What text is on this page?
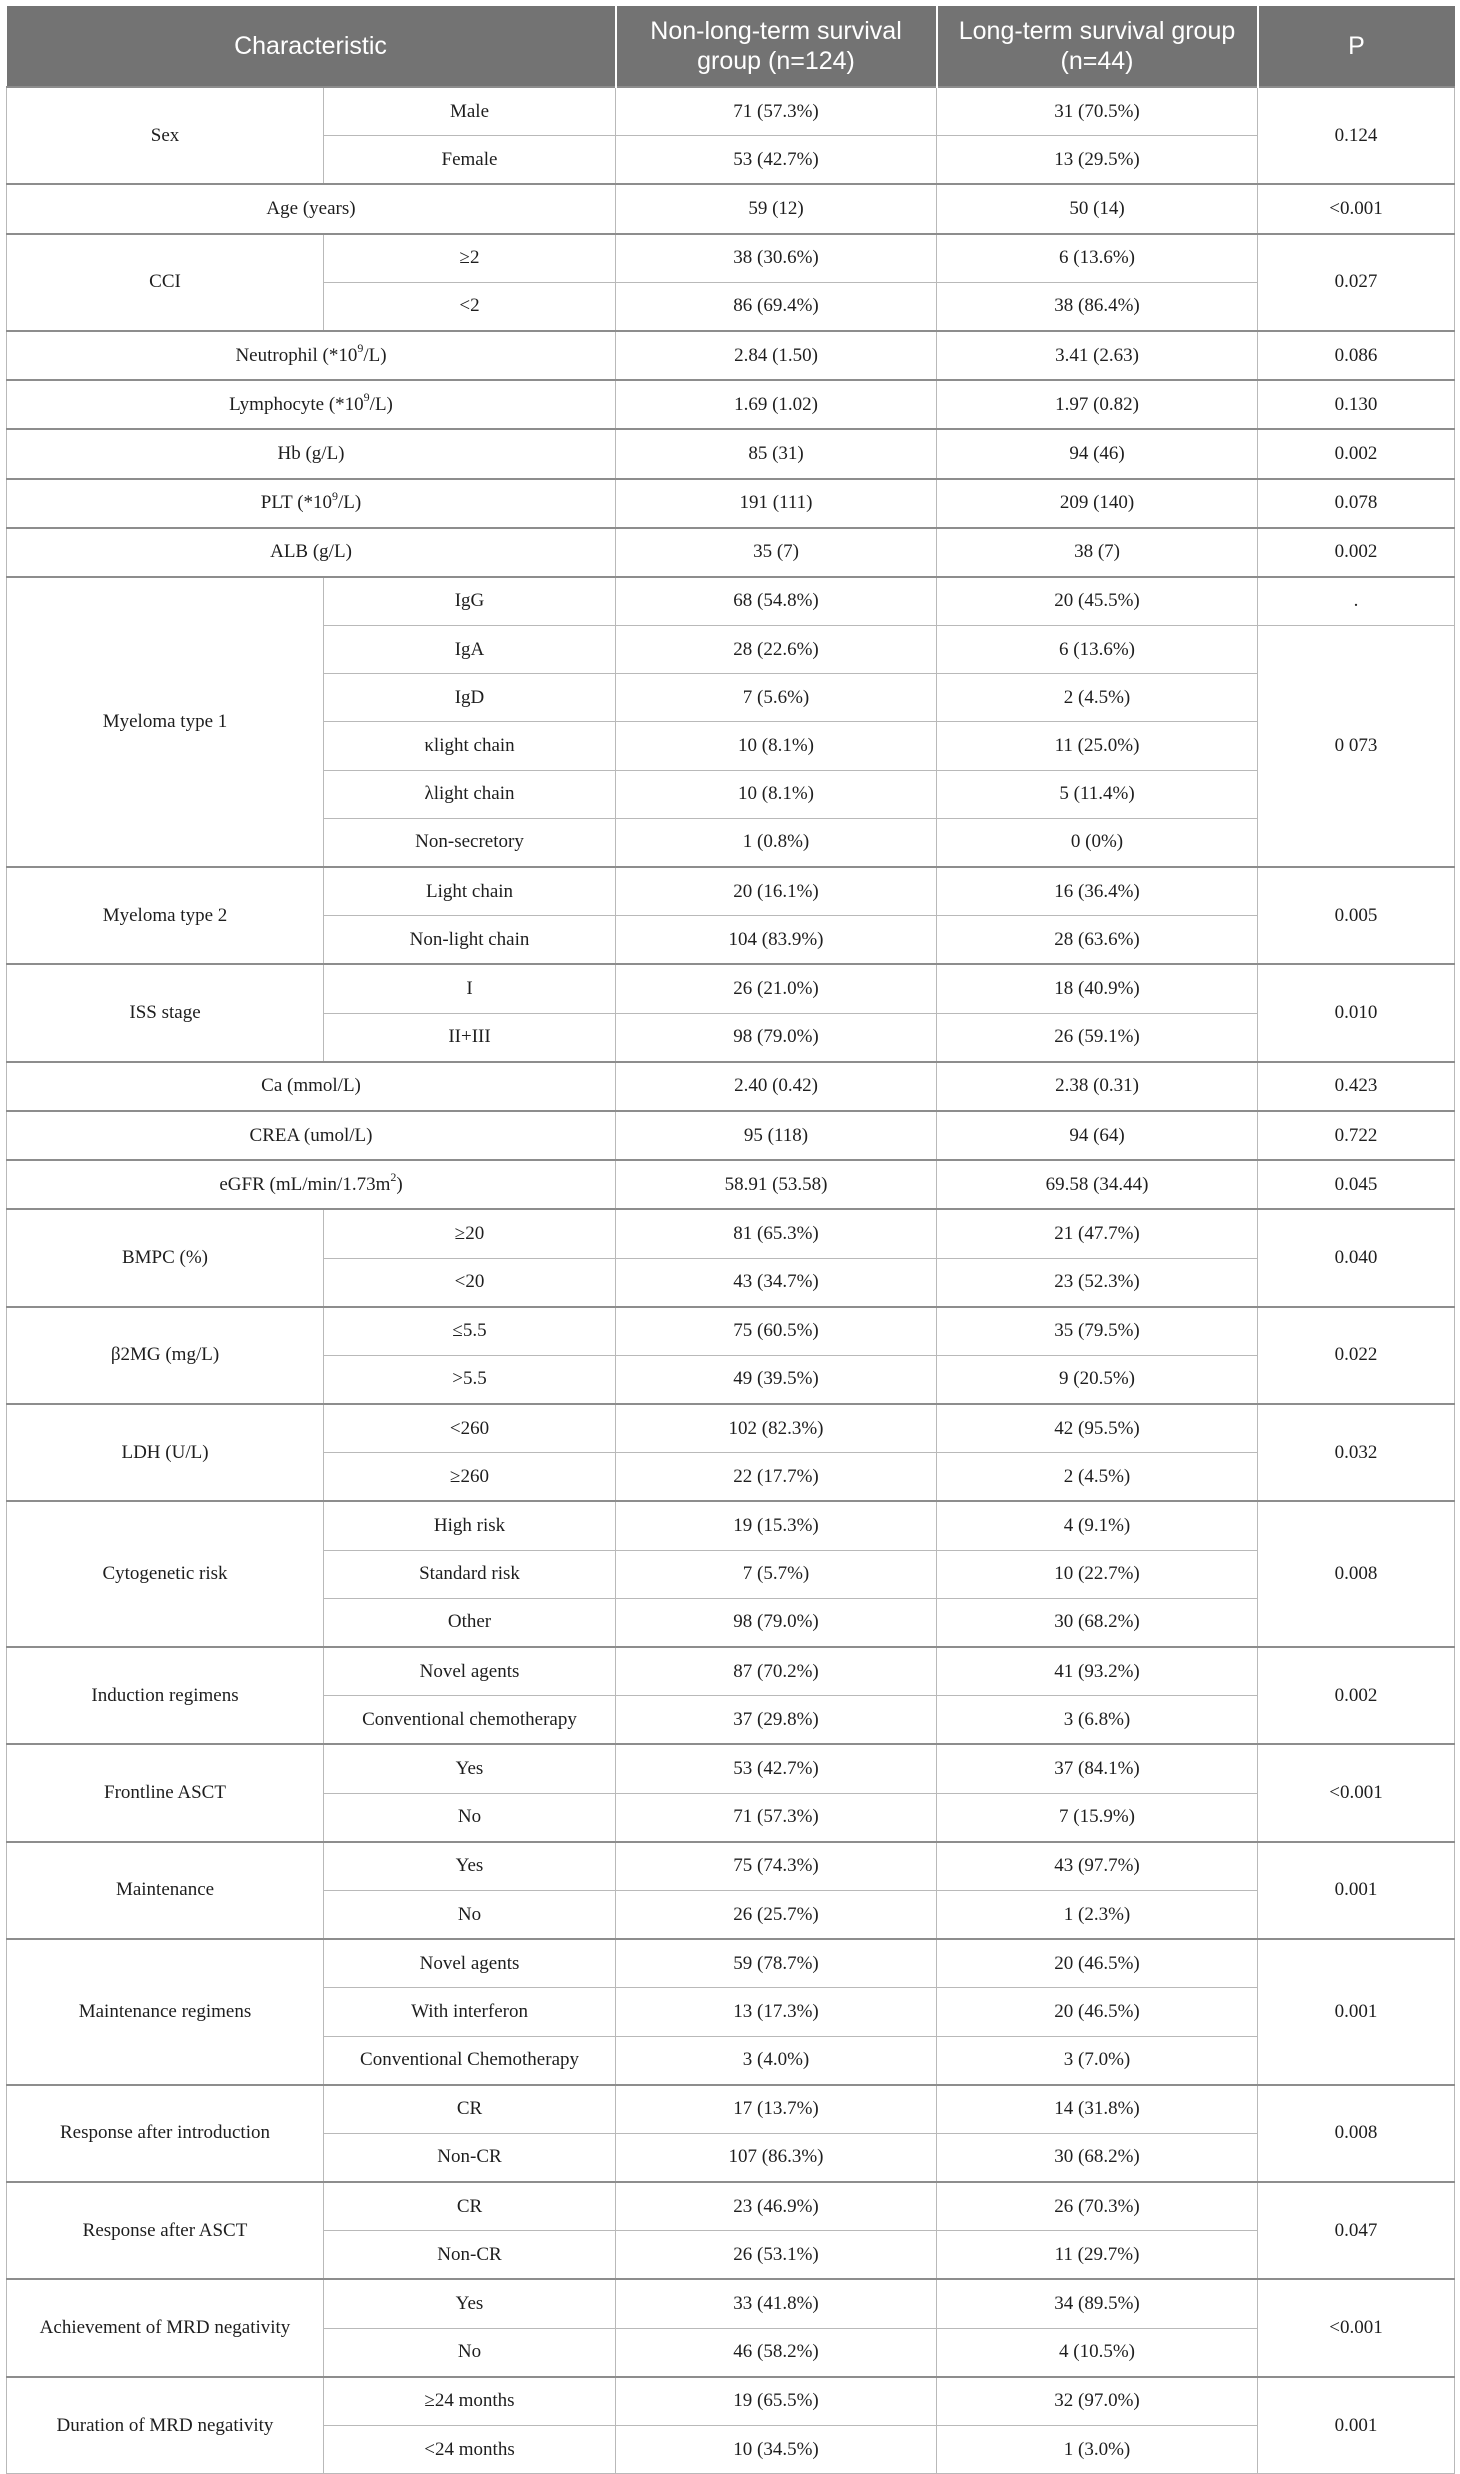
Characteristic		Non-long-term survival group (n=124)	Long-term survival group (n=44)	P
Sex	Male	71 (57.3%)	31 (70.5%)	0.124
	Female	53 (42.7%)	13 (29.5%)	
Age (years)		59 (12)	50 (14)	<0.001
CCI	≥2	38 (30.6%)	6 (13.6%)	0.027
	<2	86 (69.4%)	38 (86.4%)	
Neutrophil $(*10^9/L)$		2.84 (1.50)	3.41 (2.63)	0.086
Lymphocyte $(*10^9/L)$		1.69 (1.02)	1.97 (0.82)	0.130
Hb (g/L)		85 (31)	94 (46)	0.002
PLT $(*10^9/L)$		191 (111)	209 (140)	0.078
ALB (g/L)		35 (7)	38 (7)	0.002
Myeloma type 1	IgG	68 (54.8%)	20 (45.5%)	.
	IgA	28 (22.6%)	6 (13.6%)	0 073
	IgD	7 (5.6%)	2 (4.5%)	
	κlight chain	10 (8.1%)	11 (25.0%)	
	λlight chain	10 (8.1%)	5 (11.4%)	
	Non-secretory	1 (0.8%)	0 (0%)	
Myeloma type 2	Light chain	20 (16.1%)	16 (36.4%)	0.005
	Non-light chain	104 (83.9%)	28 (63.6%)	
ISS stage	I	26 (21.0%)	18 (40.9%)	0.010
	II+III	98 (79.0%)	26 (59.1%)	
Ca (mmol/L)		2.40 (0.42)	2.38 (0.31)	0.423
CREA (umol/L)		95 (118)	94 (64)	0.722
eGFR $(mL/\min/1.73m^2)$		58.91 (53.58)	69.58 (34.44)	0.045
BMPC (%)	≥20	81 (65.3%)	21 (47.7%)	0.040
	<20	43 (34.7%)	23 (52.3%)	
β2MG (mg/L)	≤5.5	75 (60.5%)	35 (79.5%)	0.022
	>5.5	49 (39.5%)	9 (20.5%)	
LDH (U/L)	<260	102 (82.3%)	42 (95.5%)	0.032
	≥260	22 (17.7%)	2 (4.5%)	
Cytogenetic risk	High risk	19 (15.3%)	4 (9.1%)	0.008
	Standard risk	7 (5.7%)	10 (22.7%)	
	Other	98 (79.0%)	30 (68.2%)	
Induction regimens	Novel agents	87 (70.2%)	41 (93.2%)	0.002
	Conventional chemotherapy	37 (29.8%)	3 (6.8%)	
Frontline ASCT	Yes	53 (42.7%)	37 (84.1%)	<0.001
	No	71 (57.3%)	7 (15.9%)	
Maintenance	Yes	75 (74.3%)	43 (97.7%)	0.001
	No	26 (25.7%)	1 (2.3%)	
Maintenance regimens	Novel agents	59 (78.7%)	20 (46.5%)	0.001
	With interferon	13 (17.3%)	20 (46.5%)	
	Conventional Chemotherapy	3 (4.0%)	3 (7.0%)	
Response after introduction	CR	17 (13.7%)	14 (31.8%)	0.008
	Non-CR	107 (86.3%)	30 (68.2%)	
Response after ASCT	CR	23 (46.9%)	26 (70.3%)	0.047
	Non-CR	26 (53.1%)	11 (29.7%)	
Achievement of MRD negativity	Yes	33 (41.8%)	34 (89.5%)	<0.001
	No	46 (58.2%)	4 (10.5%)	
Duration of MRD negativity	≥24 months	19 (65.5%)	32 (97.0%)	0.001
	<24 months	10 (34.5%)	1 (3.0%)	
